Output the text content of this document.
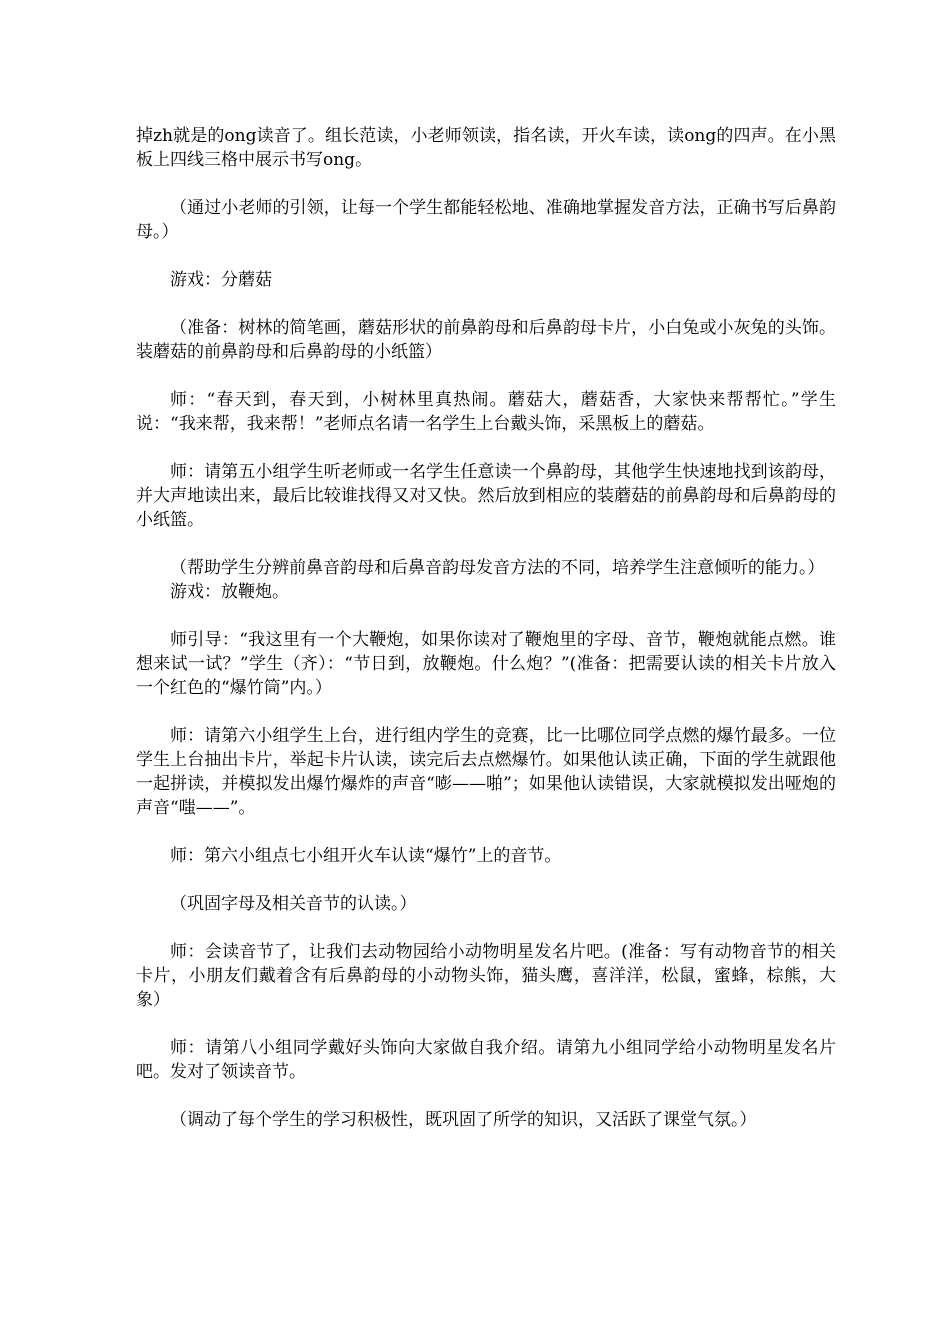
掉zh就是的ong读音了。组长范读，小老师领读，指名读，开火车读，读ong的四声。在小黑板上四线三格中展示书写ong。

（通过小老师的引领，让每一个学生都能轻松地、准确地掌握发音方法，正确书写后鼻韵母。）

游戏：分蘑菇

（准备：树林的简笔画，蘑菇形状的前鼻韵母和后鼻韵母卡片，小白兔或小灰兔的头饰。装蘑菇的前鼻韵母和后鼻韵母的小纸篮）

师：“春天到，春天到，小树林里真热闹。蘑菇大，蘑菇香，大家快来帮帮忙。”学生说：“我来帮，我来帮！”老师点名请一名学生上台戴头饰，采黑板上的蘑菇。

师：请第五小组学生听老师或一名学生任意读一个鼻韵母，其他学生快速地找到该韵母，并大声地读出来，最后比较谁找得又对又快。然后放到相应的装蘑菇的前鼻韵母和后鼻韵母的小纸篮。

（帮助学生分辨前鼻音韵母和后鼻音韵母发音方法的不同，培养学生注意倾听的能力。）

游戏：放鞭炮。

师引导：“我这里有一个大鞭炮，如果你读对了鞭炮里的字母、音节，鞭炮就能点燃。谁想来试一试？”学生（齐）：“节日到，放鞭炮。什么炮？”(准备：把需要认读的相关卡片放入一个红色的“爆竹筒”内。）

师：请第六小组学生上台，进行组内学生的竞赛，比一比哪位同学点燃的爆竹最多。一位学生上台抽出卡片，举起卡片认读，读完后去点燃爆竹。如果他认读正确，下面的学生就跟他一起拼读，并模拟发出爆竹爆炸的声音“嘭——啪”；如果他认读错误，大家就模拟发出哑炮的声音“嗤——”。

师：第六小组点七小组开火车认读“爆竹”上的音节。

（巩固字母及相关音节的认读。）

师：会读音节了，让我们去动物园给小动物明星发名片吧。(准备：写有动物音节的相关卡片，小朋友们戴着含有后鼻韵母的小动物头饰，猫头鹰，喜洋洋，松鼠，蜜蜂，棕熊，大象）

师：请第八小组同学戴好头饰向大家做自我介绍。请第九小组同学给小动物明星发名片吧。发对了领读音节。

（调动了每个学生的学习积极性，既巩固了所学的知识，又活跃了课堂气氛。）
